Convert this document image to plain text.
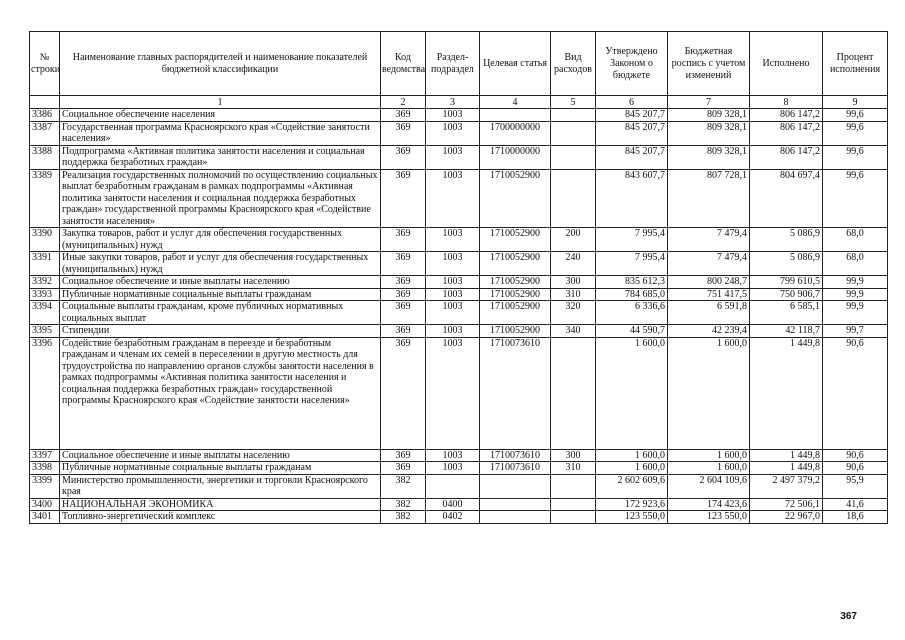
№ строки	Наименование главных распорядителей и наименование показателей бюджетной классификации	Код ведомства	Раздел-подраздел	Целевая статья	Вид расходов	Утверждено Законом о бюджете	Бюджетная роспись с учетом изменений	Исполнено	Процент исполнения
	1	2	3	4	5	6	7	8	9
3386	Социальное обеспечение населения	369	1003			845 207,7	809 328,1	806 147,2	99,6
3387	Государственная программа Красноярского края «Содействие занятости населения»	369	1003	1700000000		845 207,7	809 328,1	806 147,2	99,6
3388	Подпрограмма «Активная политика занятости населения и социальная поддержка безработных граждан»	369	1003	1710000000		845 207,7	809 328,1	806 147,2	99,6
3389	Реализация государственных полномочий по осуществлению социальных выплат безработным гражданам в рамках подпрограммы «Активная политика занятости населения и социальная поддержка безработных граждан» государственной программы Красноярского края «Содействие занятости населения»	369	1003	1710052900		843 607,7	807 728,1	804 697,4	99,6
3390	Закупка товаров, работ и услуг для обеспечения государственных (муниципальных) нужд	369	1003	1710052900	200	7 995,4	7 479,4	5 086,9	68,0
3391	Иные закупки товаров, работ и услуг для обеспечения государственных (муниципальных) нужд	369	1003	1710052900	240	7 995,4	7 479,4	5 086,9	68,0
3392	Социальное обеспечение и иные выплаты населению	369	1003	1710052900	300	835 612,3	800 248,7	799 610,5	99,9
3393	Публичные нормативные социальные выплаты гражданам	369	1003	1710052900	310	784 685,0	751 417,5	750 906,7	99,9
3394	Социальные выплаты гражданам, кроме публичных нормативных социальных выплат	369	1003	1710052900	320	6 336,6	6 591,8	6 585,1	99,9
3395	Стипендии	369	1003	1710052900	340	44 590,7	42 239,4	42 118,7	99,7
3396	Содействие безработным гражданам в переезде и безработным гражданам и членам их семей в переселении в другую местность для трудоустройства по направлению органов службы занятости населения в рамках подпрограммы «Активная политика занятости населения и социальная поддержка безработных граждан» государственной программы Красноярского края «Содействие занятости населения»	369	1003	1710073610		1 600,0	1 600,0	1 449,8	90,6
3397	Социальное обеспечение и иные выплаты населению	369	1003	1710073610	300	1 600,0	1 600,0	1 449,8	90,6
3398	Публичные нормативные социальные выплаты гражданам	369	1003	1710073610	310	1 600,0	1 600,0	1 449,8	90,6
3399	Министерство промышленности, энергетики и торговли Красноярского края	382				2 602 609,6	2 604 109,6	2 497 379,2	95,9
3400	НАЦИОНАЛЬНАЯ ЭКОНОМИКА	382	0400			172 923,6	174 423,6	72 506,1	41,6
3401	Топливно-энергетический комплекс	382	0402			123 550,0	123 550,0	22 967,0	18,6
367
